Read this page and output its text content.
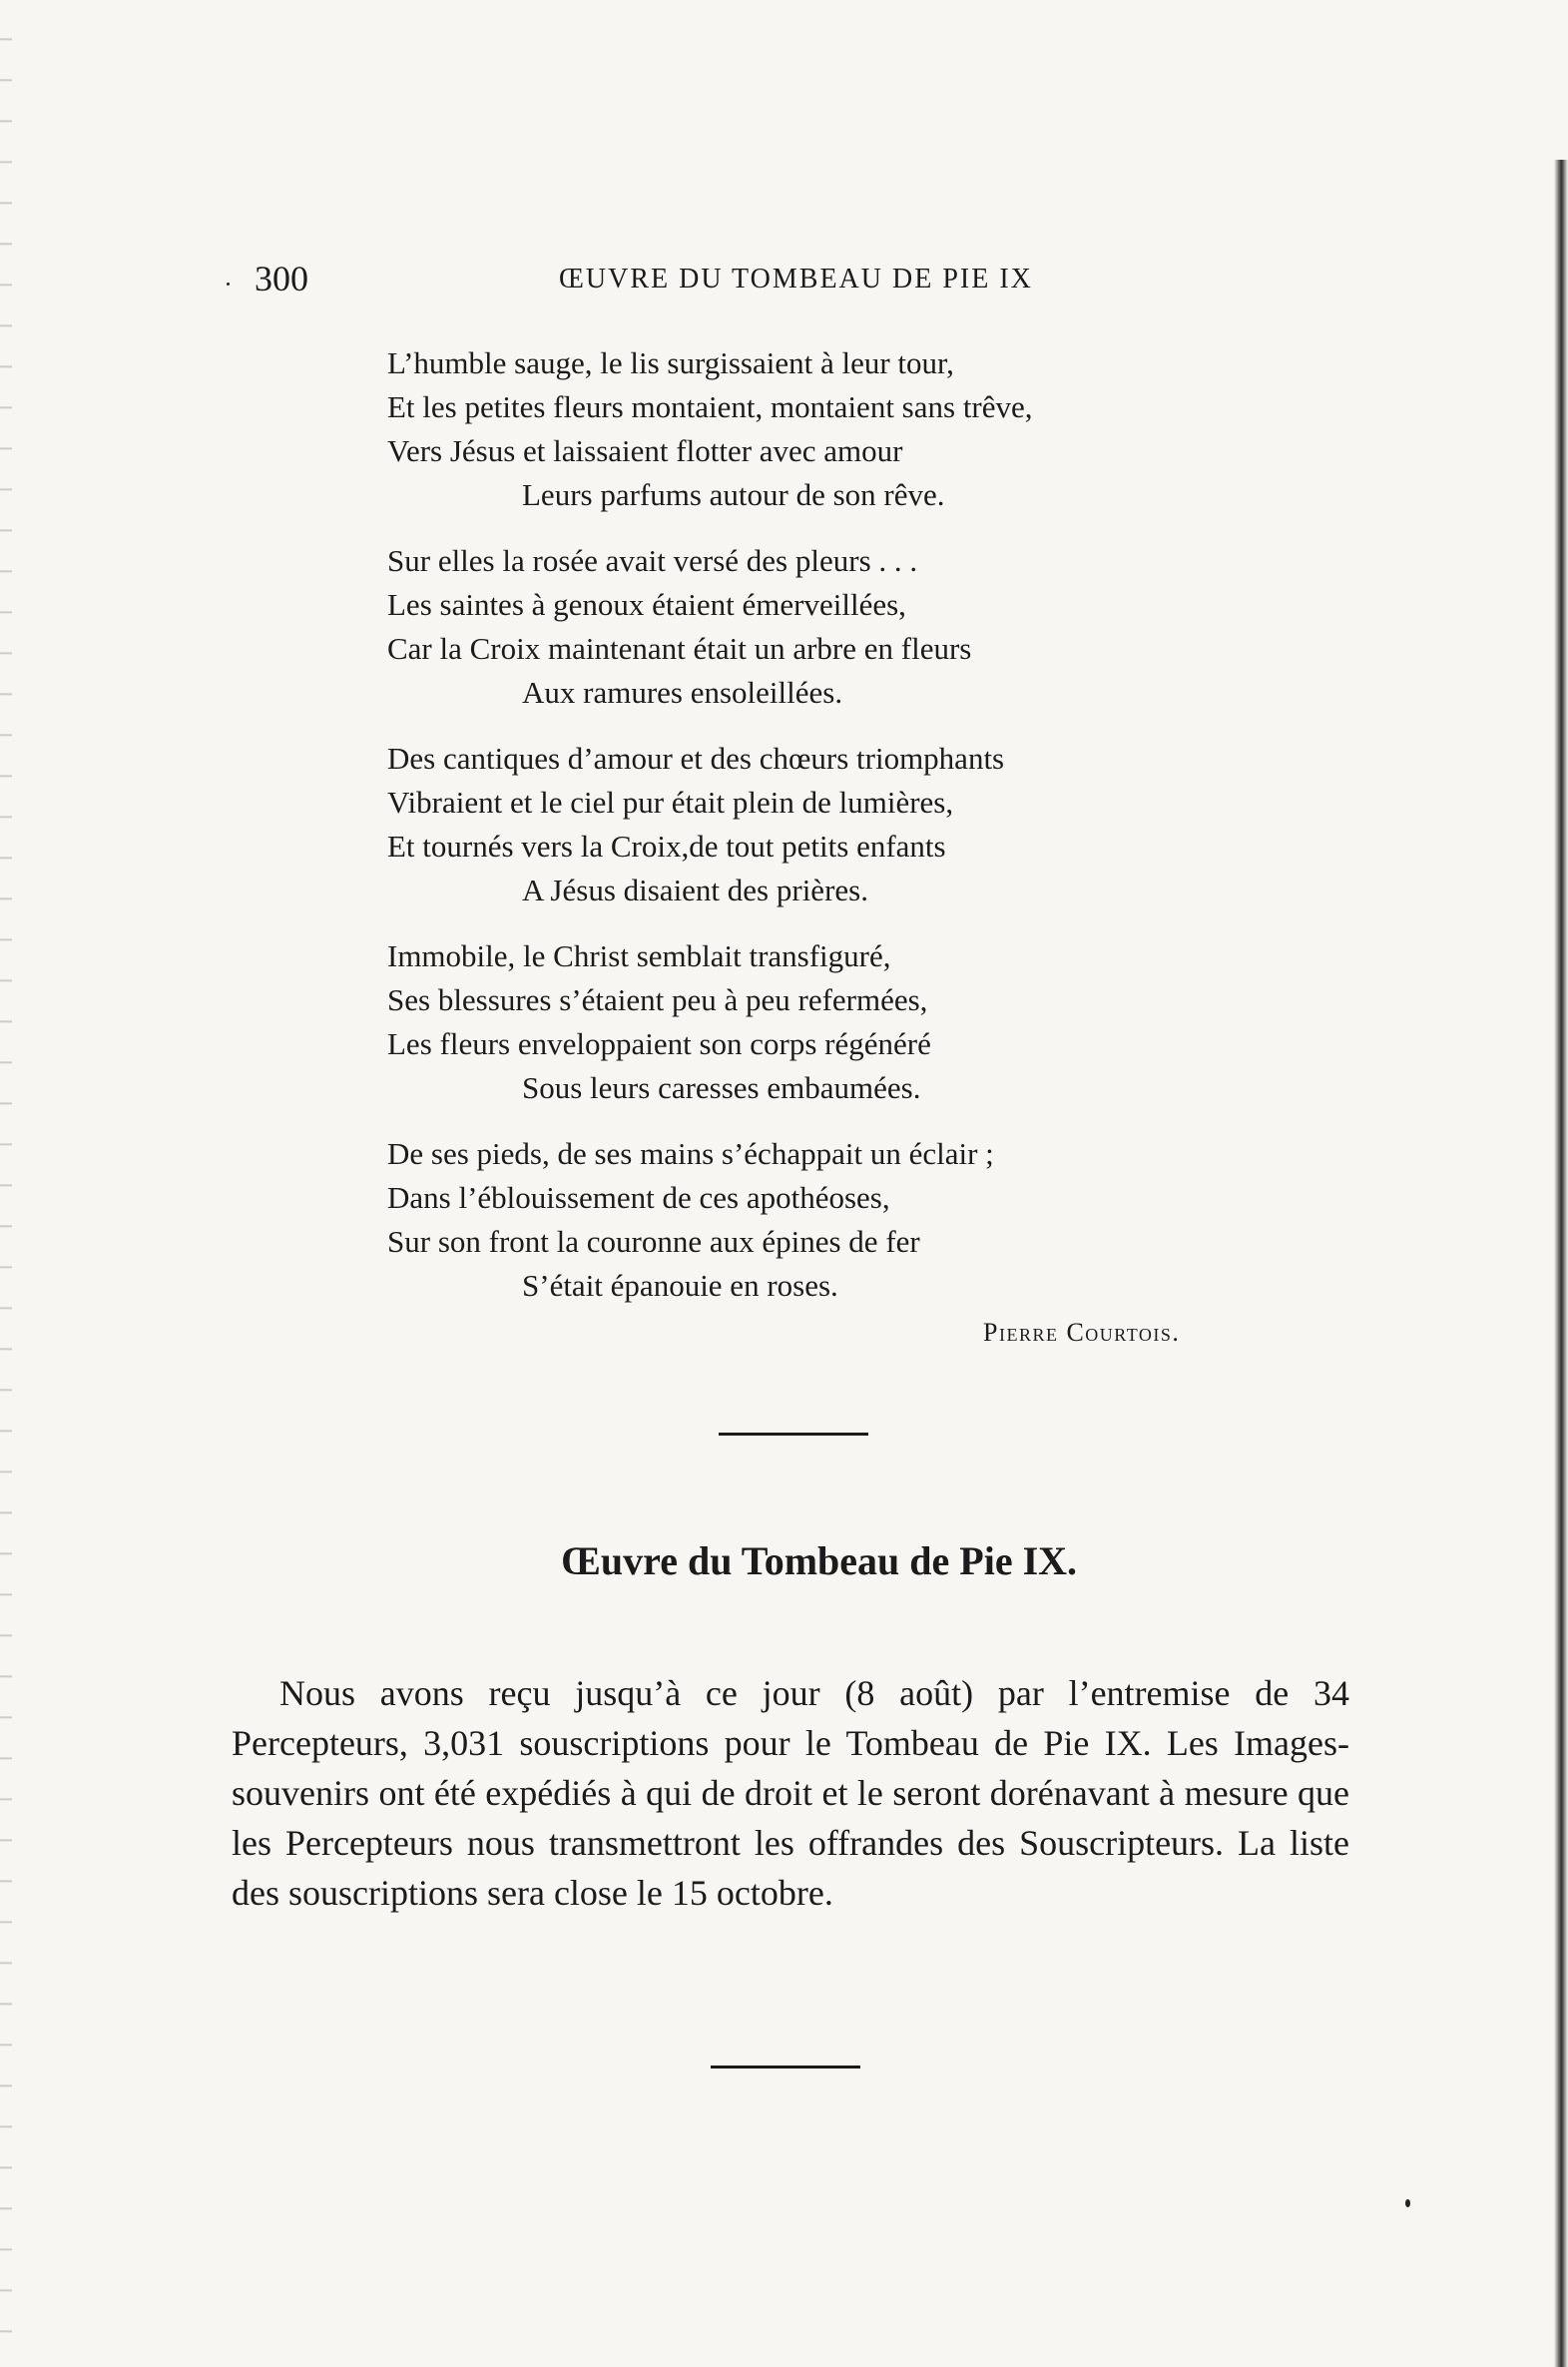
300	ŒUVRE DU TOMBEAU DE PIE IX
L’humble sauge, le lis surgissaient à leur tour,
Et les petites fleurs montaient, montaient sans trêve,
Vers Jésus et laissaient flotter avec amour
Leurs parfums autour de son rêve.
Sur elles la rosée avait versé des pleurs . . .
Les saintes à genoux étaient émerveillées,
Car la Croix maintenant était un arbre en fleurs
Aux ramures ensoleillées.
Des cantiques d’amour et des chœurs triomphants
Vibraient et le ciel pur était plein de lumières,
Et tournés vers la Croix,de tout petits enfants
A Jésus disaient des prières.
Immobile, le Christ semblait transfiguré,
Ses blessures s’étaient peu à peu refermées,
Les fleurs enveloppaient son corps régénéré
Sous leurs caresses embaumées.
De ses pieds, de ses mains s’échappait un éclair ;
Dans l’éblouissement de ces apothéoses,
Sur son front la couronne aux épines de fer
S’était épanouie en roses.
Pierre Courtois.
Œuvre du Tombeau de Pie IX.

Nous avons reçu jusqu’à ce jour (8 août) par l’entremise de 34 Percepteurs, 3,031 souscriptions pour le Tombeau de Pie IX. Les Images-souvenirs ont été expédiés à qui de droit et le seront dorénavant à mesure que les Percepteurs nous transmettront les offrandes des Souscripteurs. La liste des souscriptions sera close le 15 octobre.
